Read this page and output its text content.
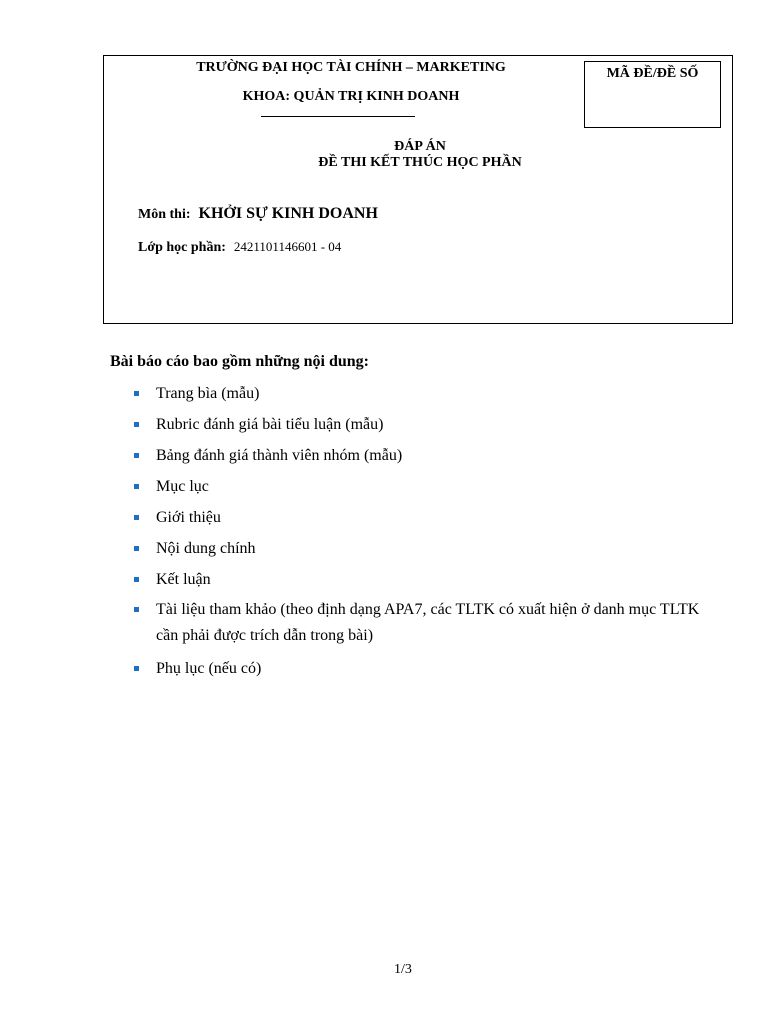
TRƯỜNG ĐẠI HỌC TÀI CHÍNH – MARKETING
KHOA: QUẢN TRỊ KINH DOANH
MÃ ĐỀ/ĐỀ SỐ
ĐÁP ÁN
ĐỀ THI KẾT THÚC HỌC PHẦN
Môn thi: KHỞI SỰ KINH DOANH
Lớp học phần: 2421101146601 - 04
Bài báo cáo bao gồm những nội dung:
Trang bìa (mẫu)
Rubric đánh giá bài tiểu luận (mẫu)
Bảng đánh giá thành viên nhóm (mẫu)
Mục lục
Giới thiệu
Nội dung chính
Kết luận
Tài liệu tham khảo (theo định dạng APA7, các TLTK có xuất hiện ở danh mục TLTK cần phải được trích dẫn trong bài)
Phụ lục (nếu có)
1/3
